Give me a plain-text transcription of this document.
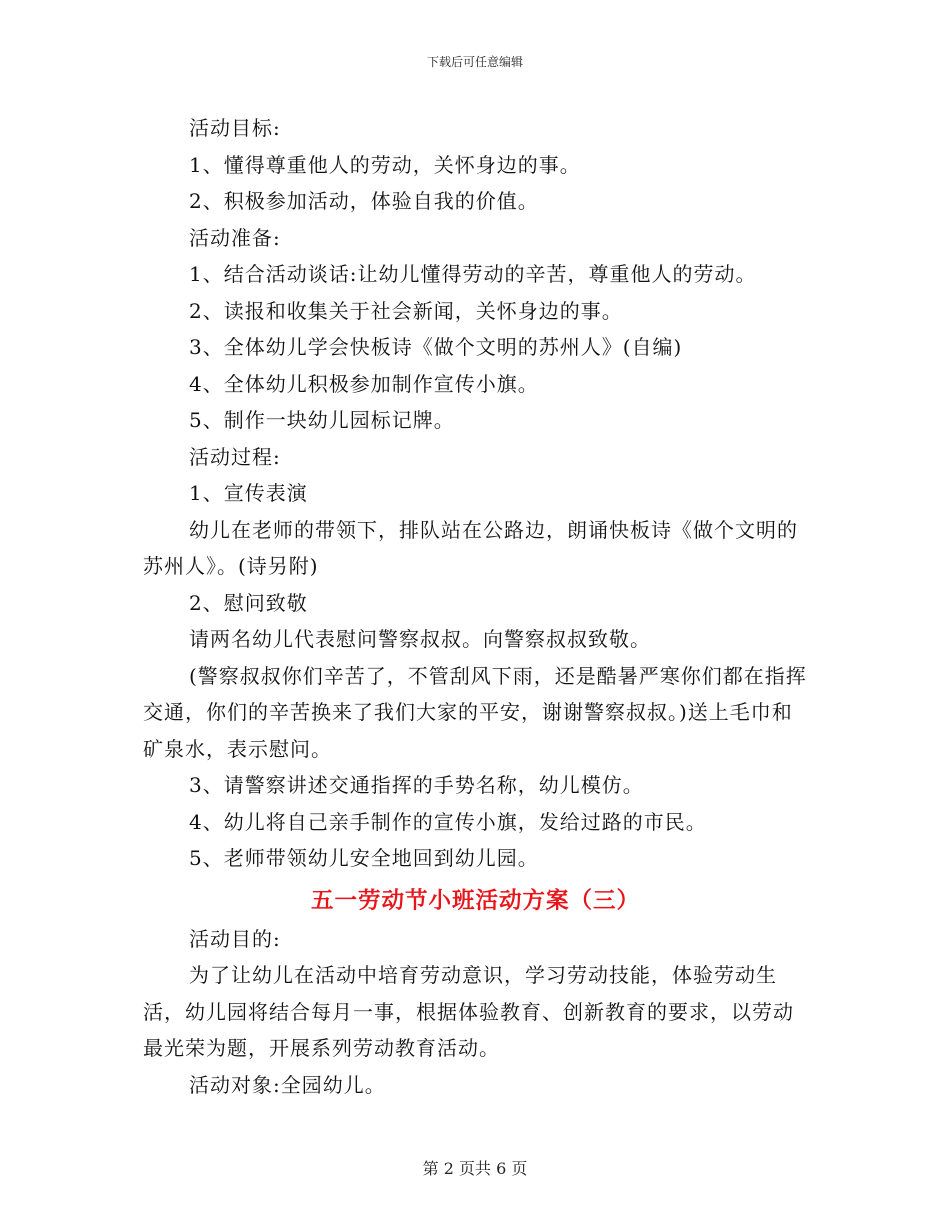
下载后可任意编辑

活动目标:

1、懂得尊重他人的劳动，关怀身边的事。

2、积极参加活动，体验自我的价值。

活动准备:

1、结合活动谈话:让幼儿懂得劳动的辛苦，尊重他人的劳动。

2、读报和收集关于社会新闻，关怀身边的事。

3、全体幼儿学会快板诗《做个文明的苏州人》(自编)

4、全体幼儿积极参加制作宣传小旗。

5、制作一块幼儿园标记牌。

活动过程:

1、宣传表演

幼儿在老师的带领下，排队站在公路边，朗诵快板诗《做个文明的苏州人》。(诗另附)

2、慰问致敬

请两名幼儿代表慰问警察叔叔。向警察叔叔致敬。

(警察叔叔你们辛苦了，不管刮风下雨，还是酷暑严寒你们都在指挥交通，你们的辛苦换来了我们大家的平安，谢谢警察叔叔。)送上毛巾和矿泉水，表示慰问。

3、请警察讲述交通指挥的手势名称，幼儿模仿。

4、幼儿将自己亲手制作的宣传小旗，发给过路的市民。

5、老师带领幼儿安全地回到幼儿园。

五一劳动节小班活动方案（三）

活动目的:

为了让幼儿在活动中培育劳动意识，学习劳动技能，体验劳动生活，幼儿园将结合每月一事，根据体验教育、创新教育的要求，以劳动最光荣为题，开展系列劳动教育活动。

活动对象:全园幼儿。

第 2 页共 6 页
